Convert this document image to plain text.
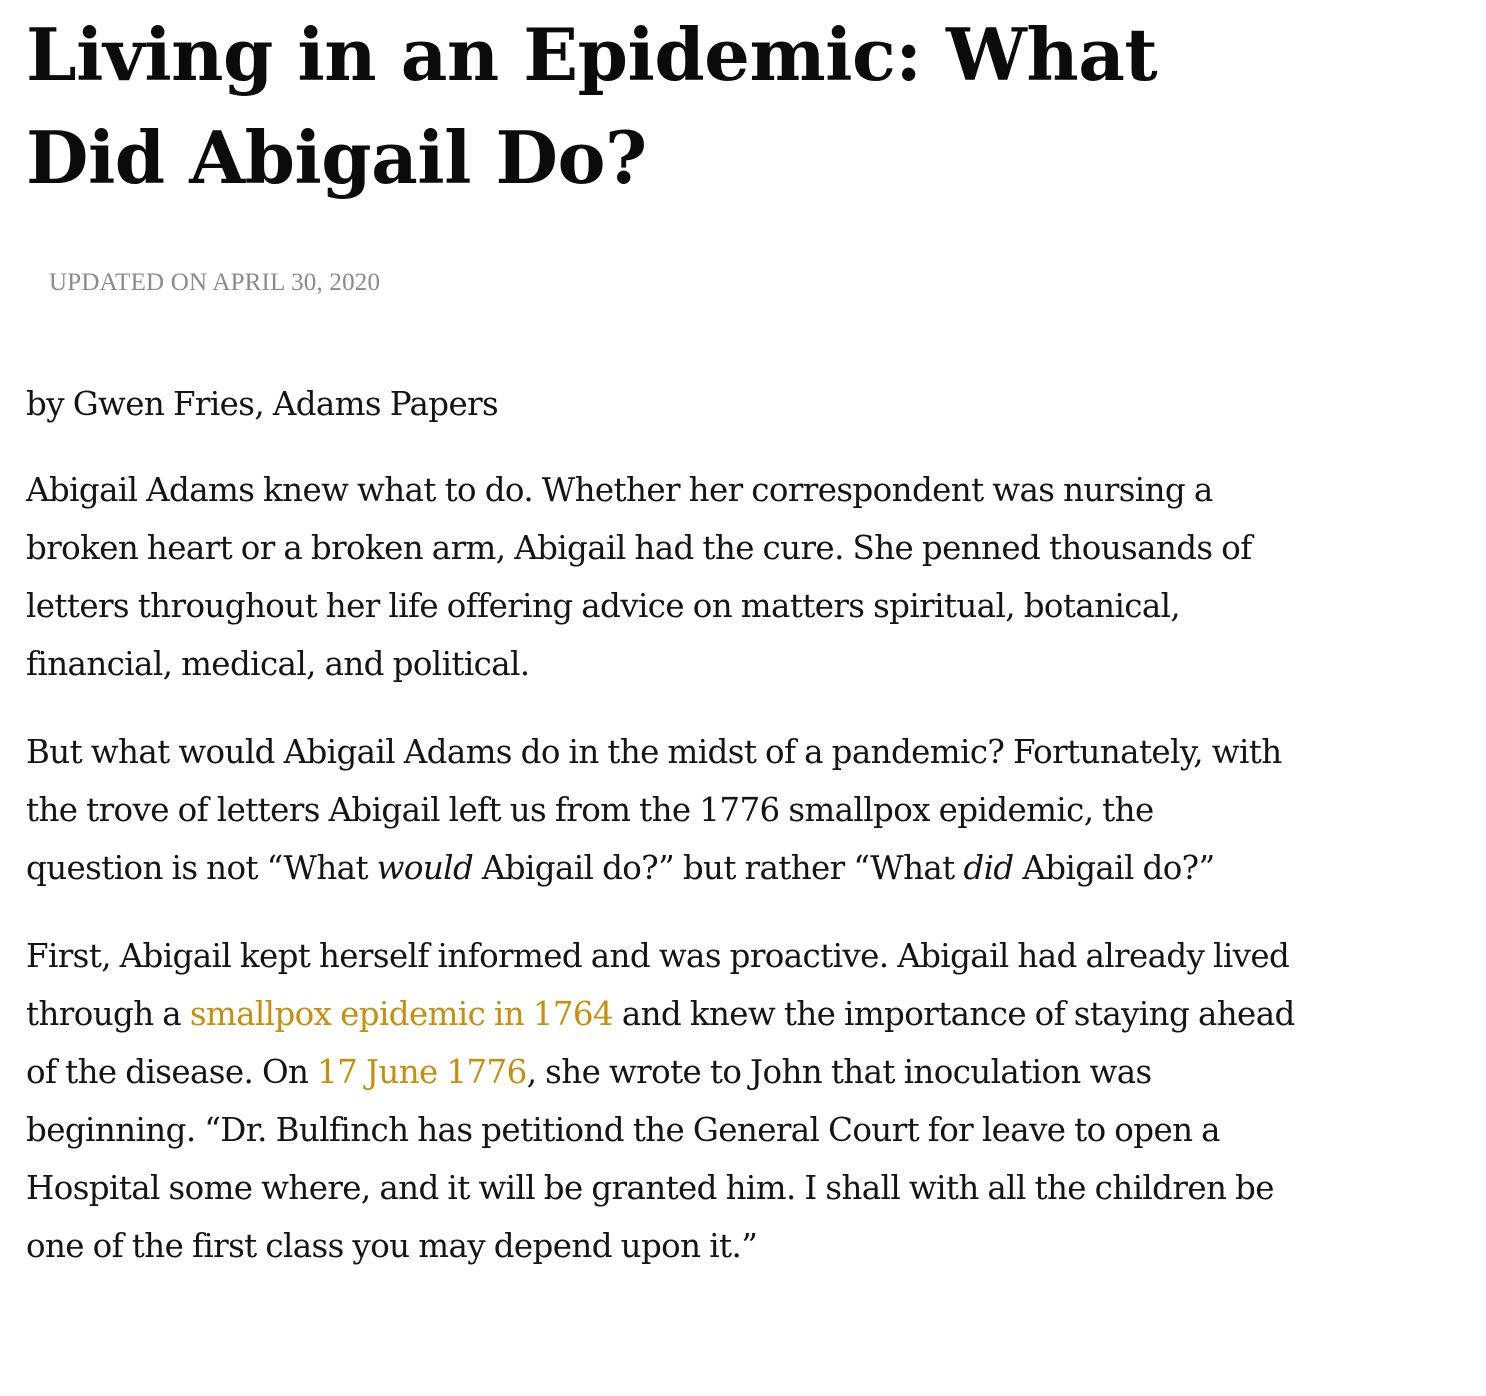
Living in an Epidemic: What Did Abigail Do?
UPDATED ON APRIL 30, 2020

by Gwen Fries, Adams Papers

Abigail Adams knew what to do. Whether her correspondent was nursing a broken heart or a broken arm, Abigail had the cure. She penned thousands of letters throughout her life offering advice on matters spiritual, botanical, financial, medical, and political.

But what would Abigail Adams do in the midst of a pandemic? Fortunately, with the trove of letters Abigail left us from the 1776 smallpox epidemic, the question is not “What would Abigail do?” but rather “What did Abigail do?”

First, Abigail kept herself informed and was proactive. Abigail had already lived through a smallpox epidemic in 1764 and knew the importance of staying ahead of the disease. On 17 June 1776, she wrote to John that inoculation was beginning. “Dr. Bulfinch has petitiond the General Court for leave to open a Hospital some where, and it will be granted him. I shall with all the children be one of the first class you may depend upon it.”
